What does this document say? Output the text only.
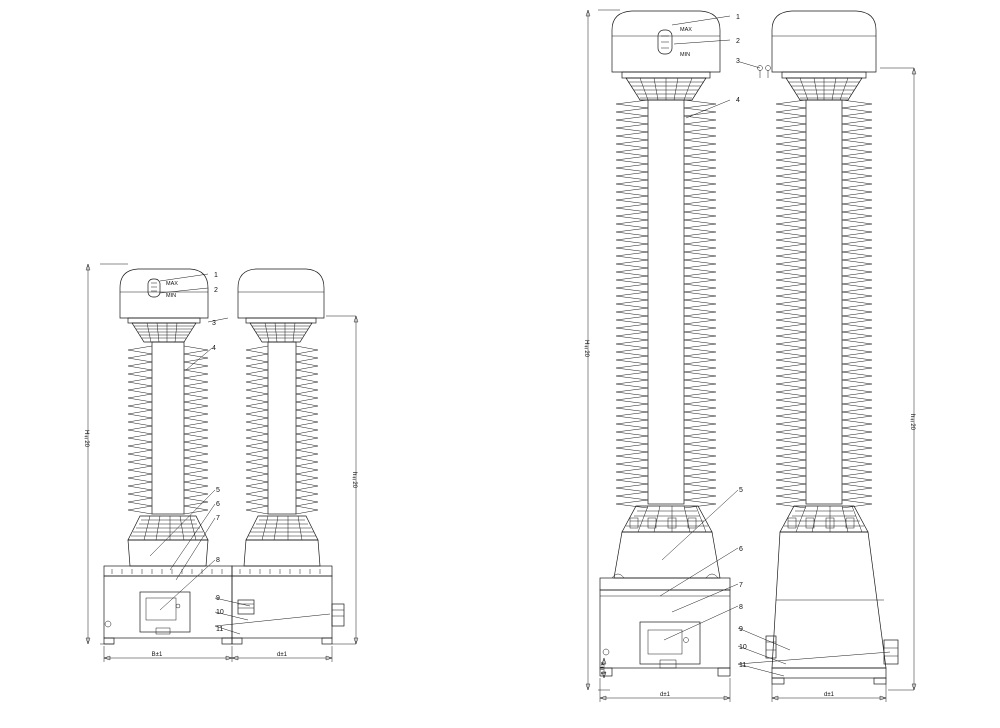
MAX
MIN
1
2
3
4
5
6
7
8
9
10
11
H±20
h±20
B±1	d±1
MAX
MIN
1
2
3
4
5
6
7
8
9
10
11
H±20
h±20
a±1
d±1	d±1
